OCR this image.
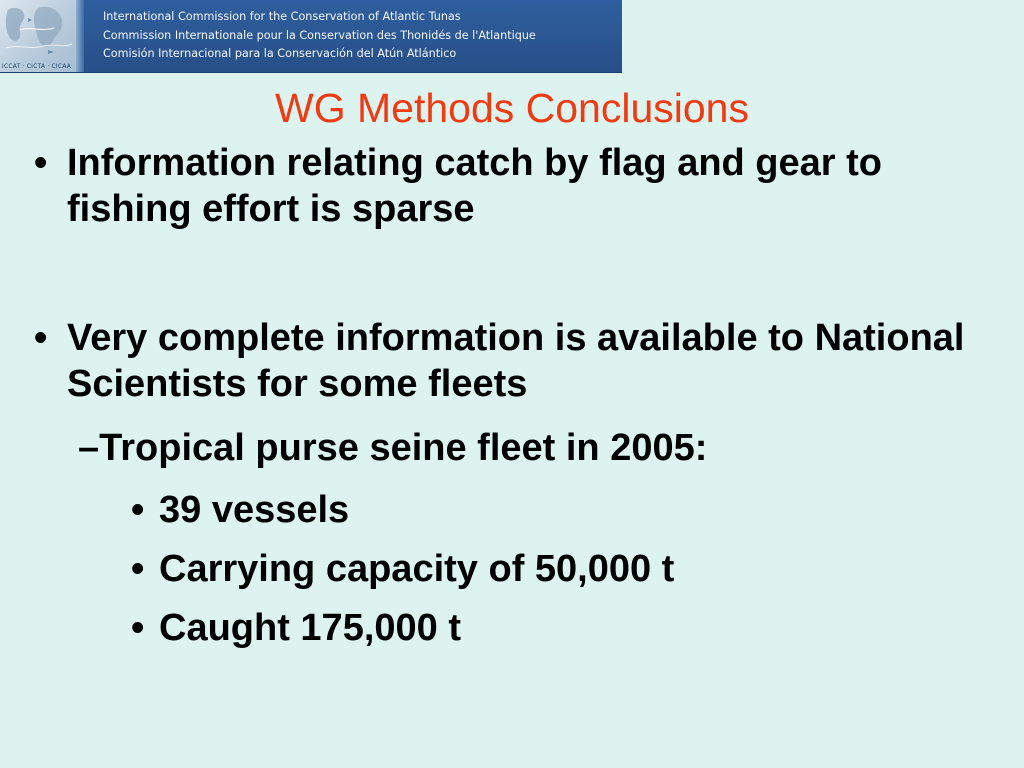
ICCAT · CICTA · CICAA
International Commission for the Conservation of Atlantic Tunas
Commission Internationale pour la Conservation des Thonidés de l'Atlantique
Comisión Internacional para la Conservación del Atún Atlántico
WG Methods Conclusions
• Information relating catch by flag and gear to fishing effort is sparse
• Very complete information is available to National Scientists for some fleets
–Tropical purse seine fleet in 2005:
• 39 vessels
• Carrying capacity of 50,000 t
• Caught 175,000 t
